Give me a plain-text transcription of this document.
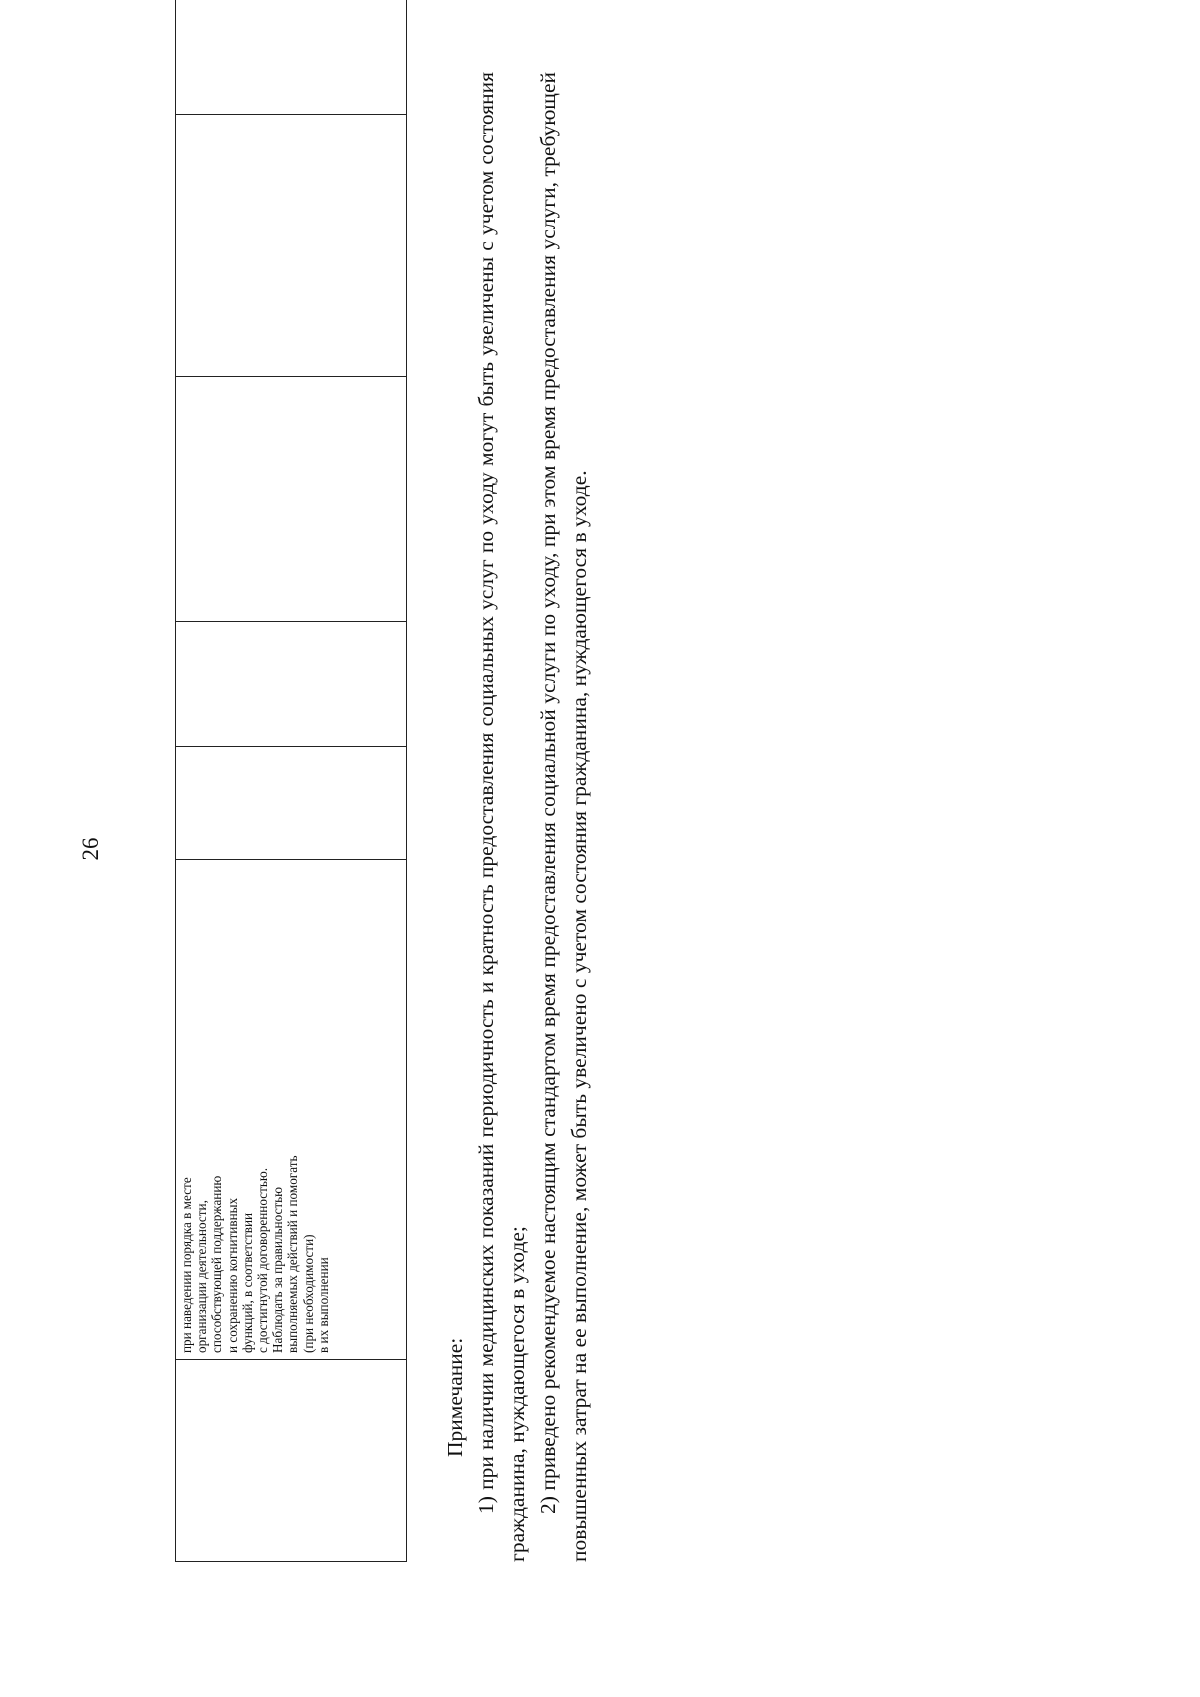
26

при наведении порядка в месте
организации деятельности,
способствующей поддержанию
и сохранению когнитивных
функций, в соответствии
с достигнутой договоренностью.
Наблюдать за правильностью
выполняемых действий и помогать
(при необходимости)
в их выполнении

Примечание: 1) при наличии медицинских показаний периодичность и кратность предоставления социальных услуг по уходу могут быть увеличены с учетом состояния гражданина, нуждающегося в уходе; 2) приведено рекомендуемое настоящим стандартом время предоставления социальной услуги по уходу, при этом время предоставления услуги, требующей повышенных затрат на ее выполнение, может быть увеличено с учетом состояния гражданина, нуждающегося в уходе.
